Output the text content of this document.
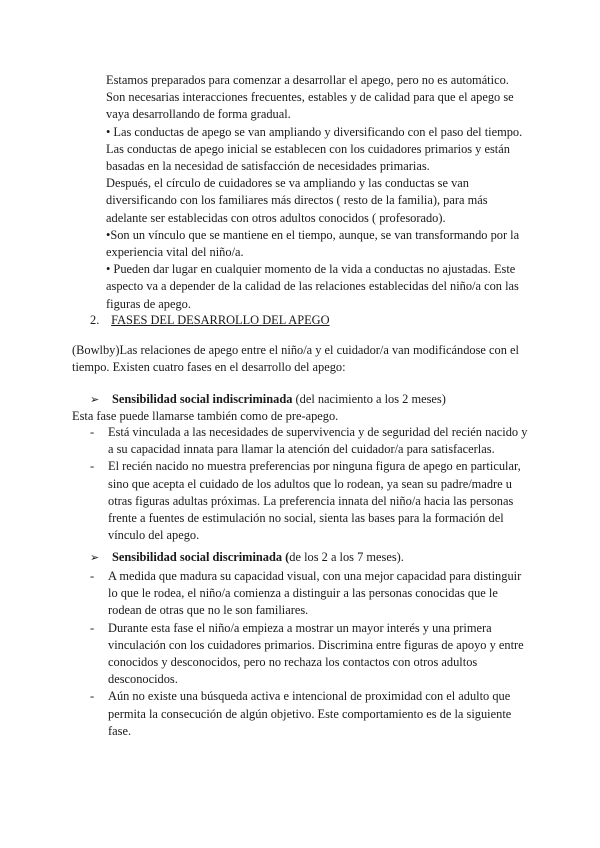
Estamos preparados para comenzar a desarrollar el apego, pero no es automático.

Son necesarias interacciones frecuentes, estables y de calidad para que el apego se vaya desarrollando de forma gradual.

• Las conductas de apego se van ampliando y diversificando con el paso del tiempo.

Las conductas de apego inicial se establecen con los cuidadores primarios y están basadas en la necesidad de satisfacción de necesidades primarias.

Después, el círculo de cuidadores se va ampliando y las conductas se van diversificando con los familiares más directos ( resto de la familia), para más adelante ser establecidas con otros adultos conocidos ( profesorado).

•Son un vínculo que se mantiene en el tiempo, aunque, se van transformando por la experiencia vital del niño/a.

• Pueden dar lugar en cualquier momento de la vida a conductas no ajustadas. Este aspecto va a depender de la calidad de las relaciones establecidas del niño/a con las figuras de apego.

2. FASES DEL DESARROLLO DEL APEGO

(Bowlby)Las relaciones de apego entre el niño/a y el cuidador/a van modificándose con el tiempo. Existen cuatro fases en el desarrollo del apego:

➢ Sensibilidad social indiscriminada (del nacimiento a los 2 meses)

Esta fase puede llamarse también como de pre-apego.

- Está vinculada a las necesidades de supervivencia y de seguridad del recién nacido y a su capacidad innata para llamar la atención del cuidador/a para satisfacerlas.
- El recién nacido no muestra preferencias por ninguna figura de apego en particular, sino que acepta el cuidado de los adultos que lo rodean, ya sean su padre/madre u otras figuras adultas próximas. La preferencia innata del niño/a hacia las personas frente a fuentes de estimulación no social, sienta las bases para la formación del vínculo del apego.

➢ Sensibilidad social discriminada (de los 2 a los 7 meses).

- A medida que madura su capacidad visual, con una mejor capacidad para distinguir lo que le rodea, el niño/a comienza a distinguir a las personas conocidas que le rodean de otras que no le son familiares.
- Durante esta fase el niño/a empieza a mostrar un mayor interés y una primera vinculación con los cuidadores primarios. Discrimina entre figuras de apoyo y entre conocidos y desconocidos, pero no rechaza los contactos con otros adultos desconocidos.
- Aún no existe una búsqueda activa e intencional de proximidad con el adulto que permita la consecución de algún objetivo. Este comportamiento es de la siguiente fase.
